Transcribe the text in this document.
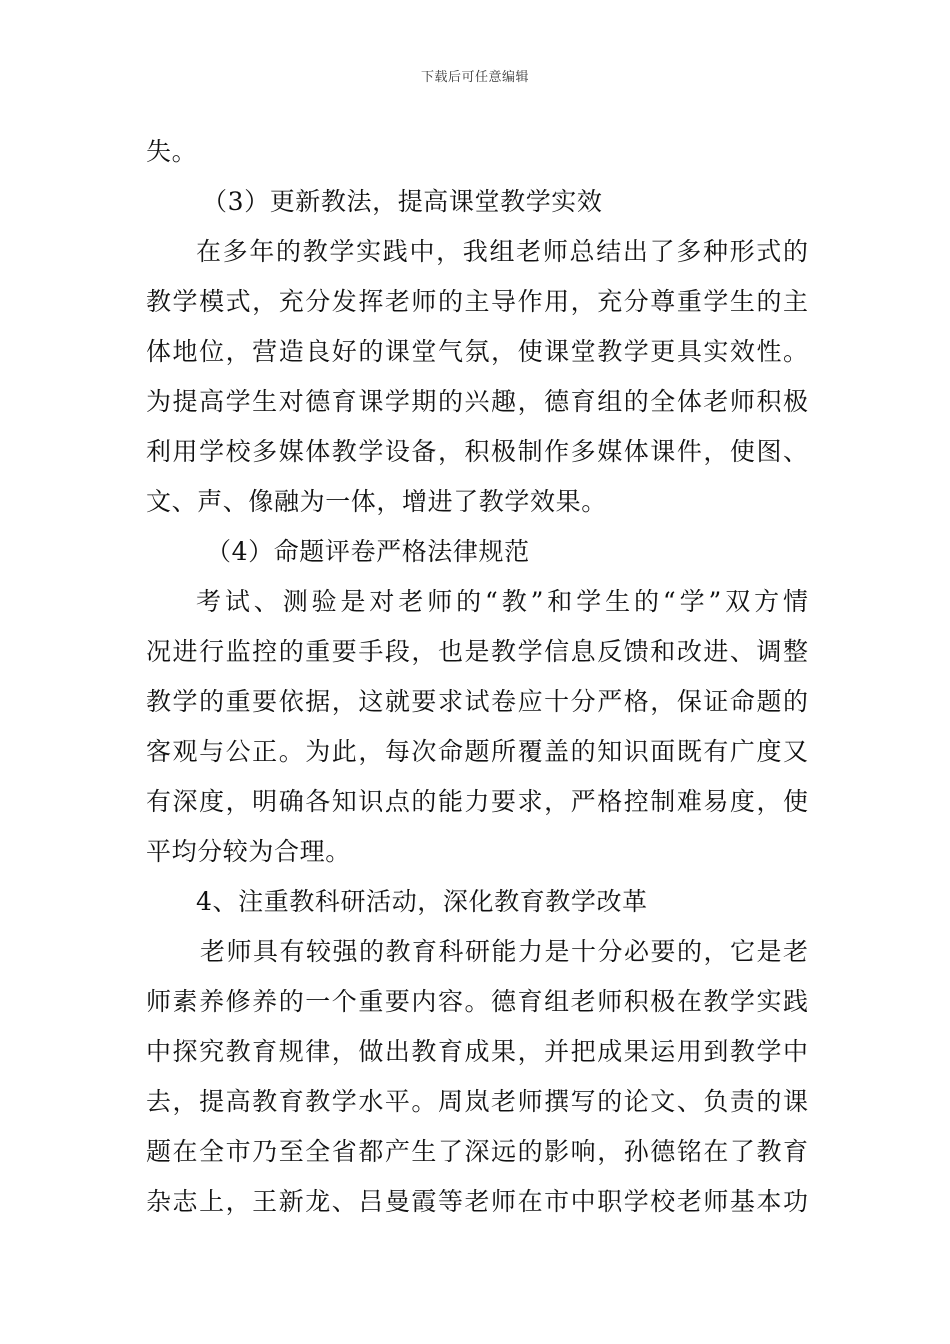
下载后可任意编辑
失。
（3）更新教法，提高课堂教学实效
在多年的教学实践中，我组老师总结出了多种形式的
教学模式，充分发挥老师的主导作用，充分尊重学生的主
体地位，营造良好的课堂气氛，使课堂教学更具实效性。
为提高学生对德育课学期的兴趣，德育组的全体老师积极
利用学校多媒体教学设备，积极制作多媒体课件，使图、
文、声、像融为一体，增进了教学效果。
（4）命题评卷严格法律规范
考试、测验是对老师的“教”和学生的“学”双方情
况进行监控的重要手段，也是教学信息反馈和改进、调整
教学的重要依据，这就要求试卷应十分严格，保证命题的
客观与公正。为此，每次命题所覆盖的知识面既有广度又
有深度，明确各知识点的能力要求，严格控制难易度，使
平均分较为合理。
4、注重教科研活动，深化教育教学改革
老师具有较强的教育科研能力是十分必要的，它是老
师素养修养的一个重要内容。德育组老师积极在教学实践
中探究教育规律，做出教育成果，并把成果运用到教学中
去，提高教育教学水平。周岚老师撰写的论文、负责的课
题在全市乃至全省都产生了深远的影响，孙德铭在了教育
杂志上，王新龙、吕曼霞等老师在市中职学校老师基本功
